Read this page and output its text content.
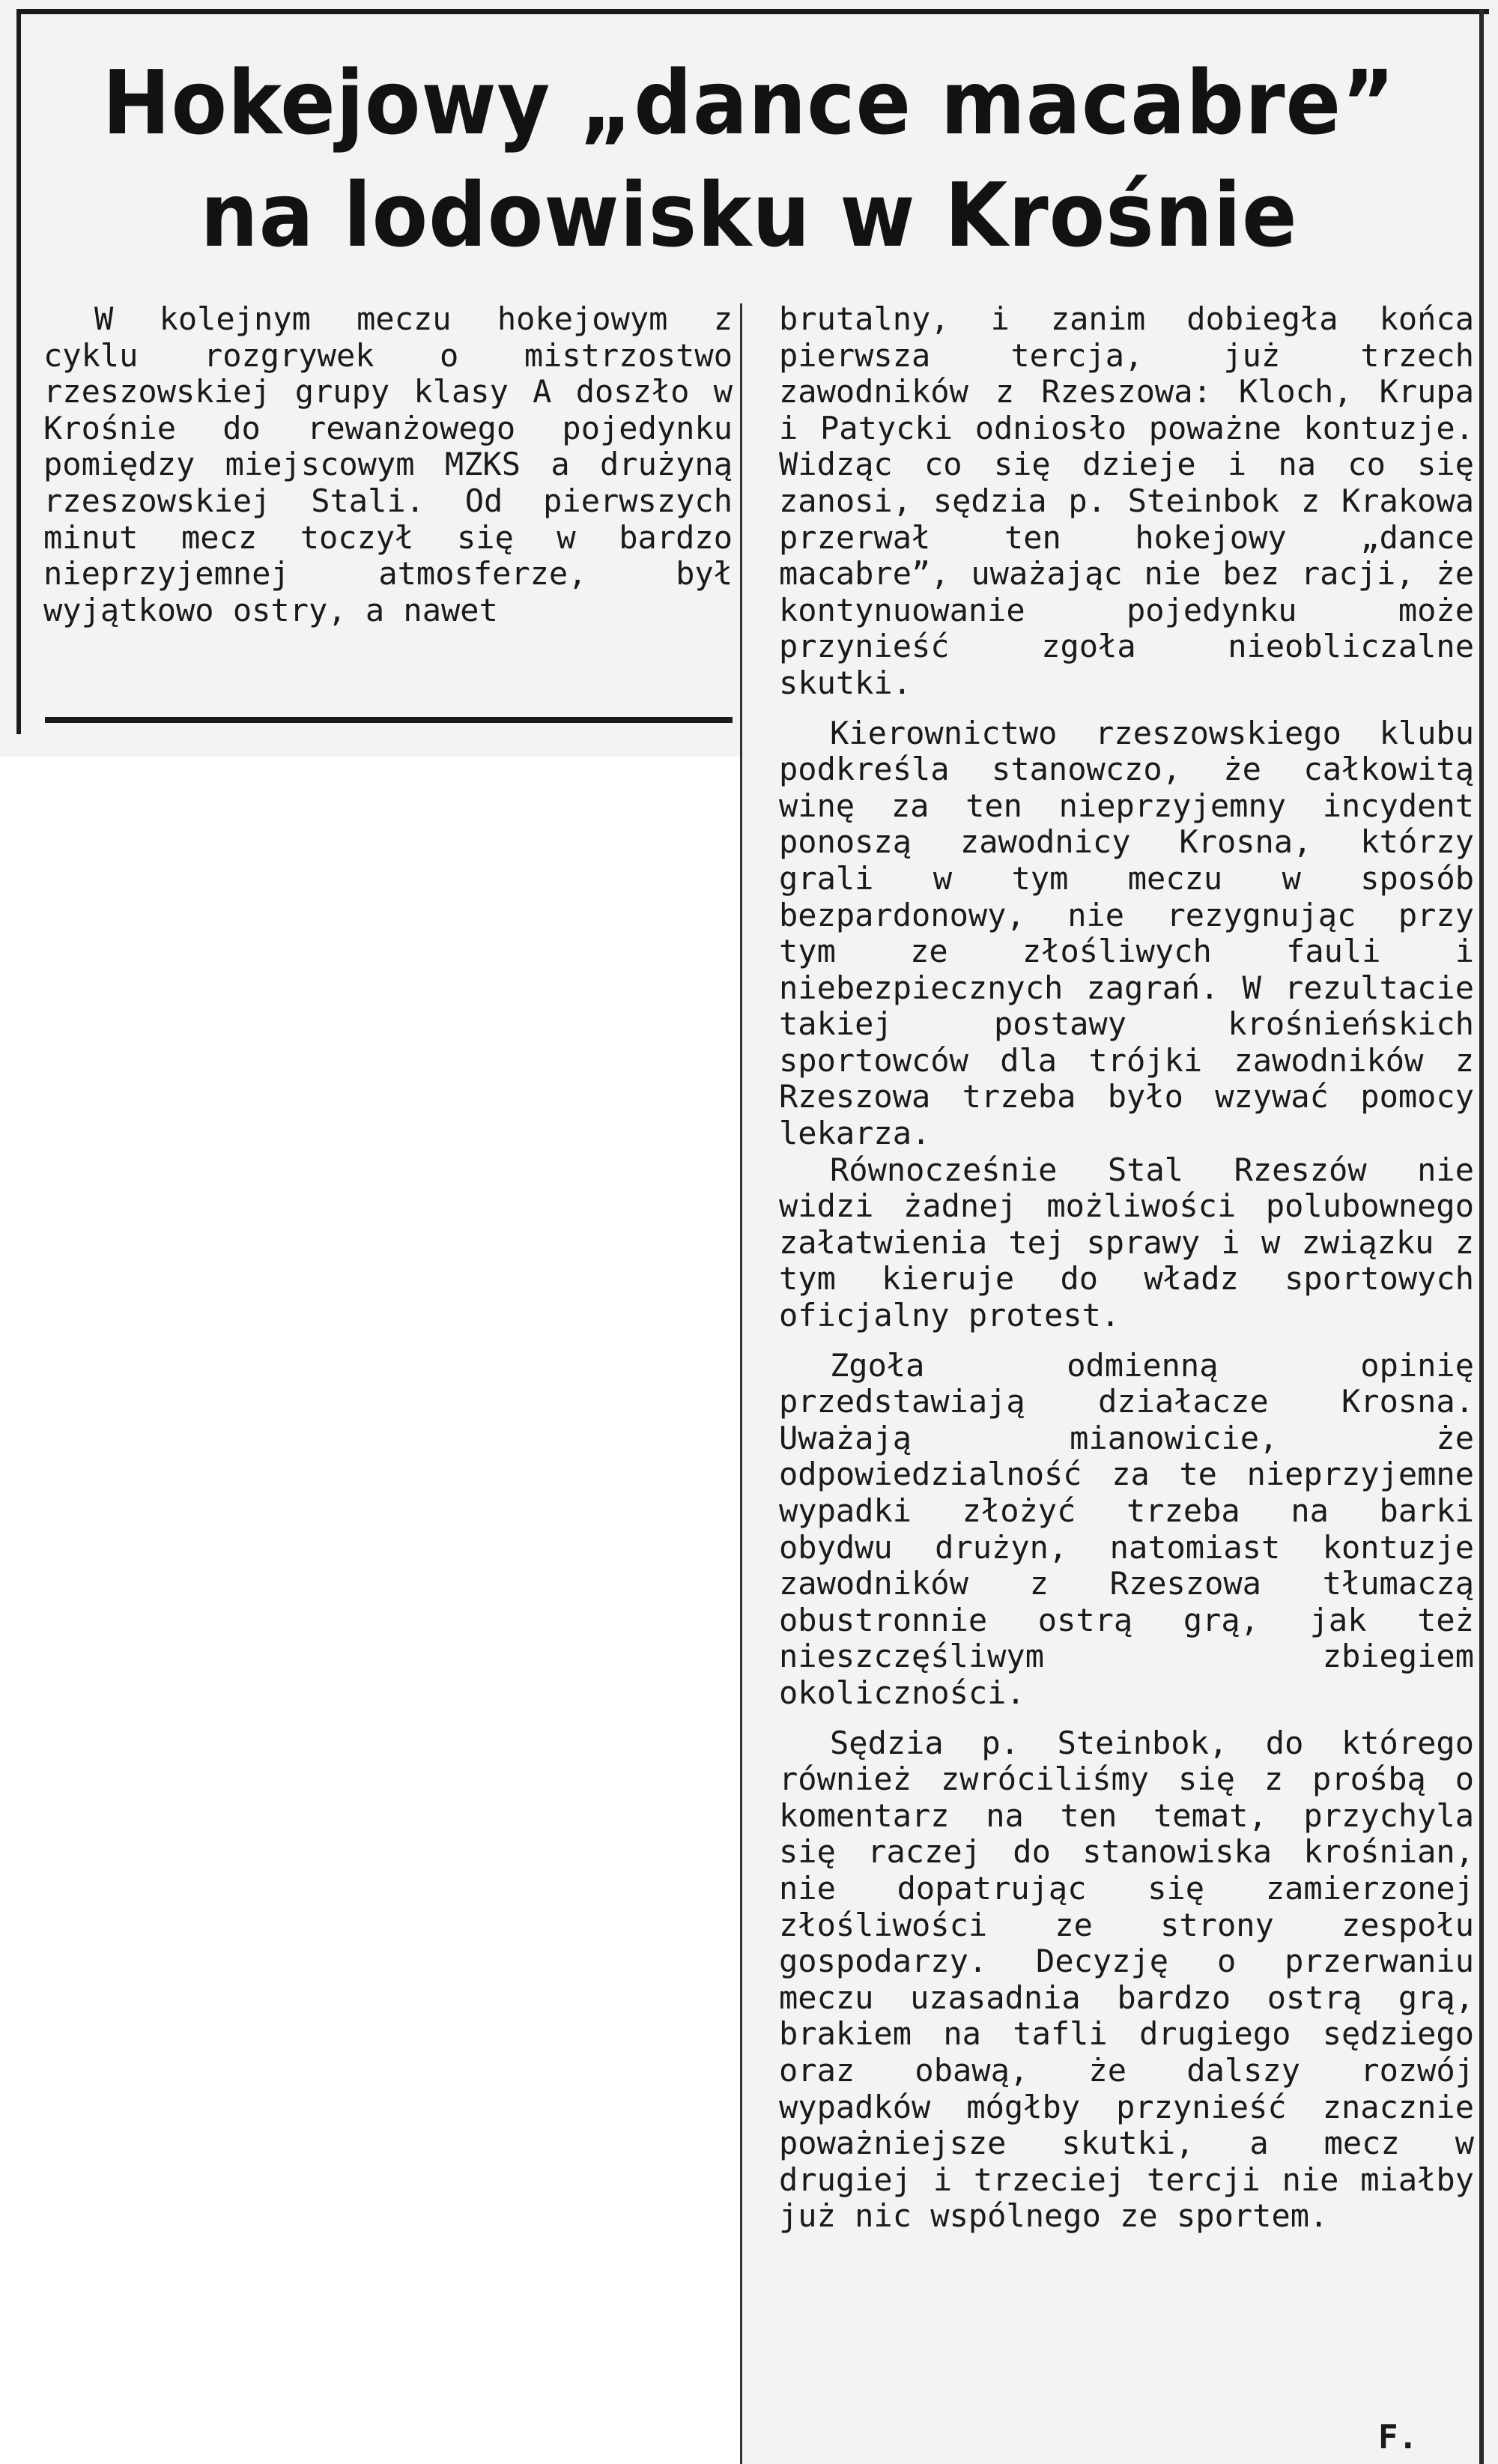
Hokejowy „dance macabre”
na lodowisku w Krośnie

W kolejnym meczu hokejowym z cyklu rozgrywek o mistrzostwo rzeszowskiej grupy klasy A doszło w Krośnie do rewanżowego pojedynku pomiędzy miejscowym MZKS a drużyną rzeszowskiej Stali. Od pierwszych minut mecz toczył się w bardzo nieprzyjemnej atmosferze, był wyjątkowo ostry, a nawet

brutalny, i zanim dobiegła końca pierwsza tercja, już trzech zawodników z Rzeszowa: Kloch, Krupa i Patycki odniosło poważne kontuzje. Widząc co się dzieje i na co się zanosi, sędzia p. Steinbok z Krakowa przerwał ten hokejowy „dance macabre”, uważając nie bez racji, że kontynuowanie pojedynku może przynieść zgoła nieobliczalne skutki.

Kierownictwo rzeszowskiego klubu podkreśla stanowczo, że całkowitą winę za ten nieprzyjemny incydent ponoszą zawodnicy Krosna, którzy grali w tym meczu w sposób bezpardonowy, nie rezygnując przy tym ze złośliwych fauli i niebezpiecznych zagrań. W rezultacie takiej postawy krośnieńskich sportowców dla trójki zawodników z Rzeszowa trzeba było wzywać pomocy lekarza.

Równocześnie Stal Rzeszów nie widzi żadnej możliwości polubownego załatwienia tej sprawy i w związku z tym kieruje do władz sportowych oficjalny protest.

Zgoła odmienną opinię przedstawiają działacze Krosna. Uważają mianowicie, że odpowiedzialność za te nieprzyjemne wypadki złożyć trzeba na barki obydwu drużyn, natomiast kontuzje zawodników z Rzeszowa tłumaczą obustronnie ostrą grą, jak też nieszczęśliwym zbiegiem okoliczności.

Sędzia p. Steinbok, do którego również zwróciliśmy się z prośbą o komentarz na ten temat, przychyla się raczej do stanowiska krośnian, nie dopatrując się zamierzonej złośliwości ze strony zespołu gospodarzy. Decyzję o przerwaniu meczu uzasadnia bardzo ostrą grą, brakiem na tafli drugiego sędziego oraz obawą, że dalszy rozwój wypadków mógłby przynieść znacznie poważniejsze skutki, a mecz w drugiej i trzeciej tercji nie miałby już nic wspólnego ze sportem.

F.
